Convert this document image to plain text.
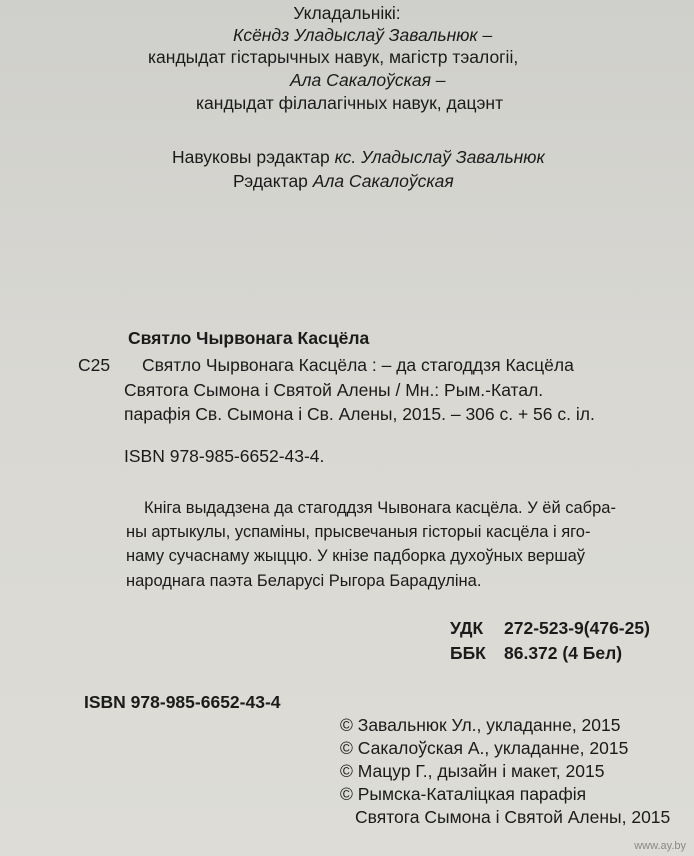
Укладальнікі:
Ксёндз Уладыслаў Завальнюк –
кандыдат гістарычных навук, магістр тэалогіі,
Ала Сакалоўская –
кандыдат філалагічных навук, дацэнт
Навуковы рэдактар кс. Уладыслаў Завальнюк
Рэдактар Ала Сакалоўская
Святло Чырвонага Касцёла
С25 Святло Чырвонага Касцёла : – да стагоддзя Касцёла
Святога Сымона і Святой Алены / Мн.: Рым.-Катал.
парафія Св. Сымона і Св. Алены, 2015. – 306 с. + 56 с. іл.
ISBN 978-985-6652-43-4.
Кніга выдадзена да стагоддзя Чывонага касцёла. У ёй сабра-
ны артыкулы, успаміны, прысвечаныя гісторыі касцёла і яго-
наму сучаснаму жыццю. У кнізе падборка духоўных вершаў
народнага паэта Беларусі Рыгора Барадуліна.
УДК 272-523-9(476-25)
ББК 86.372 (4 Бел)
ISBN 978-985-6652-43-4
© Завальнюк Ул., укладанне, 2015
© Сакалоўская А., укладанне, 2015
© Мацур Г., дызайн і макет, 2015
© Рымска-Каталіцкая парафія
Святога Сымона і Святой Алены, 2015
www.ay.by
